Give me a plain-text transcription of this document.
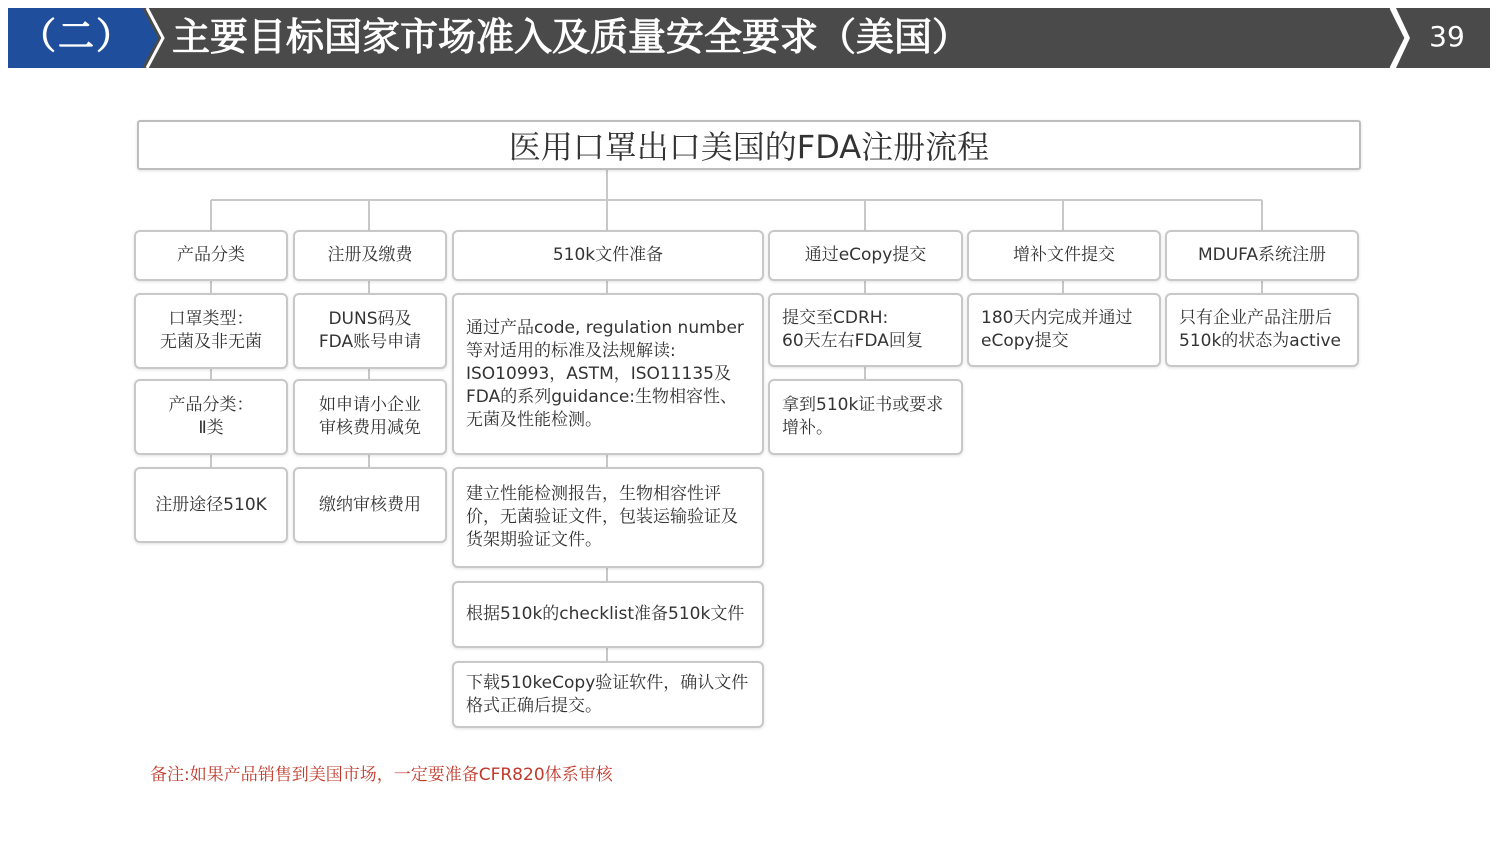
（二） 主要目标国家市场准入及质量安全要求（美国）	39
医用口罩出口美国的FDA注册流程
产品分类	注册及缴费	510k文件准备	通过eCopy提交	增补文件提交	MDUFA系统注册
口罩类型：
无菌及非无菌
产品分类：
Ⅱ类
注册途径510K
DUNS码及
FDA账号申请
如申请小企业
审核费用减免
缴纳审核费用
通过产品code, regulation number等对适用的标准及法规解读:
ISO10993，ASTM，ISO11135及FDA的系列guidance:生物相容性、无菌及性能检测。
建立性能检测报告，生物相容性评价，无菌验证文件，包装运输验证及货架期验证文件。
根据510k的checklist准备510k文件
下载510keCopy验证软件，确认文件格式正确后提交。
提交至CDRH:
60天左右FDA回复
拿到510k证书或要求增补。
180天内完成并通过eCopy提交
只有企业产品注册后510k的状态为active
备注:如果产品销售到美国市场，一定要准备CFR820体系审核
